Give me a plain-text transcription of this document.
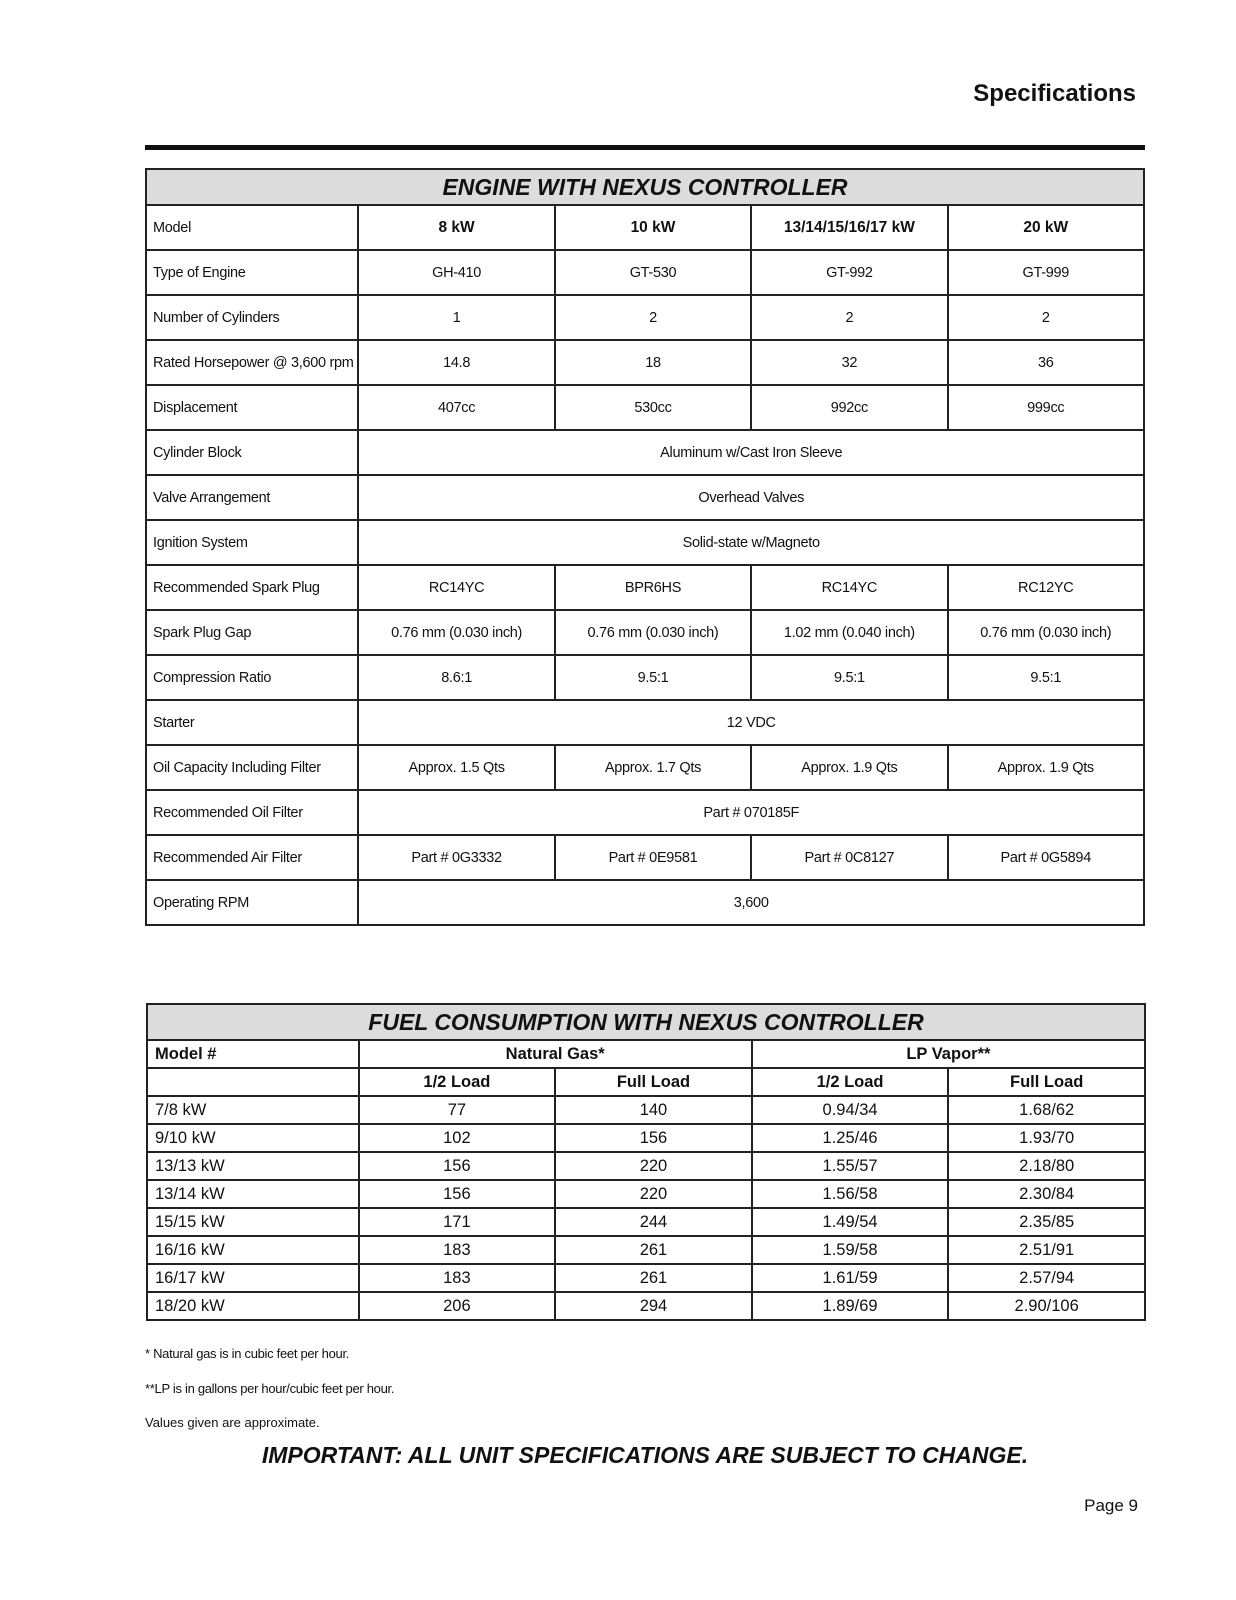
Specifications
ENGINE WITH NEXUS CONTROLLER				
Model	8 kW	10 kW	13/14/15/16/17 kW	20 kW
Type of Engine	GH-410	GT-530	GT-992	GT-999
Number of Cylinders	1	2	2	2
Rated Horsepower @ 3,600 rpm	14.8	18	32	36
Displacement	407cc	530cc	992cc	999cc
Cylinder Block	Aluminum w/Cast Iron Sleeve			
Valve Arrangement	Overhead Valves			
Ignition System	Solid-state w/Magneto			
Recommended Spark Plug	RC14YC	BPR6HS	RC14YC	RC12YC
Spark Plug Gap	0.76 mm (0.030 inch)	0.76 mm (0.030 inch)	1.02 mm (0.040 inch)	0.76 mm (0.030 inch)
Compression Ratio	8.6:1	9.5:1	9.5:1	9.5:1
Starter	12 VDC			
Oil Capacity Including Filter	Approx. 1.5 Qts	Approx. 1.7 Qts	Approx. 1.9 Qts	Approx. 1.9 Qts
Recommended Oil Filter	Part # 070185F			
Recommended Air Filter	Part # 0G3332	Part # 0E9581	Part # 0C8127	Part # 0G5894
Operating RPM	3,600			
FUEL CONSUMPTION WITH NEXUS CONTROLLER				
Model #	Natural Gas*		LP Vapor**	
	1/2 Load	Full Load	1/2 Load	Full Load
7/8 kW	77	140	0.94/34	1.68/62
9/10 kW	102	156	1.25/46	1.93/70
13/13 kW	156	220	1.55/57	2.18/80
13/14 kW	156	220	1.56/58	2.30/84
15/15 kW	171	244	1.49/54	2.35/85
16/16 kW	183	261	1.59/58	2.51/91
16/17 kW	183	261	1.61/59	2.57/94
18/20 kW	206	294	1.89/69	2.90/106
* Natural gas is in cubic feet per hour.
**LP is in gallons per hour/cubic feet per hour.
Values given are approximate.
IMPORTANT: ALL UNIT SPECIFICATIONS ARE SUBJECT TO CHANGE.
Page 9
